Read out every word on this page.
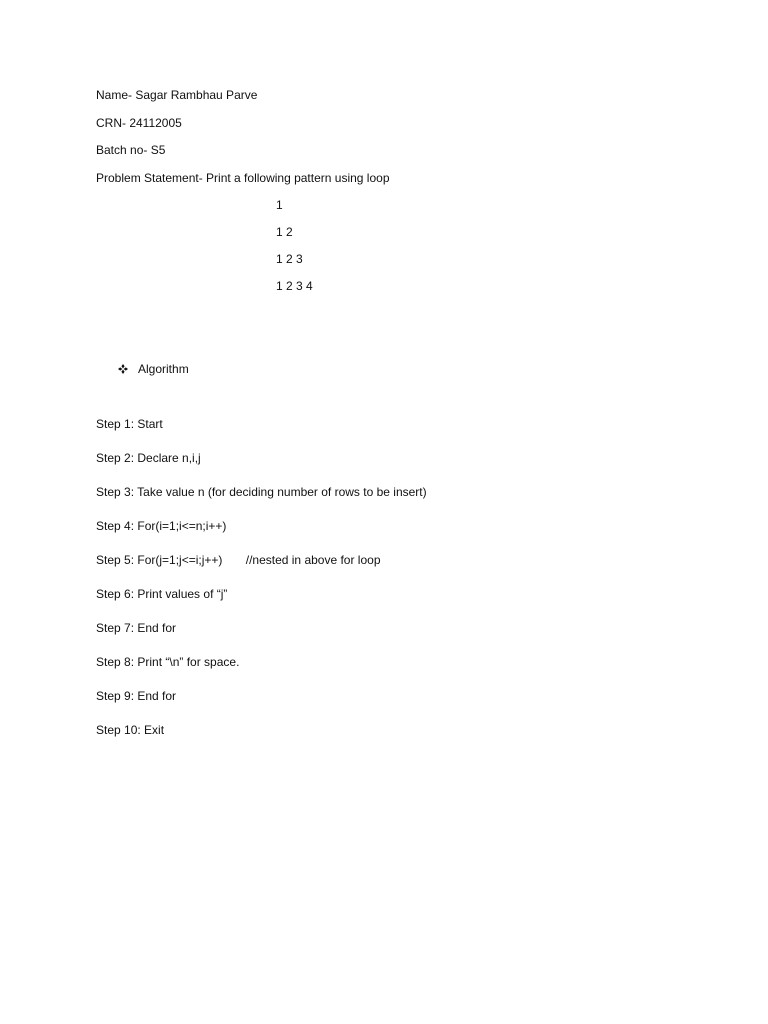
Name- Sagar Rambhau Parve
CRN- 24112005
Batch no- S5
Problem Statement- Print a following pattern using loop
1
1 2
1 2 3
1 2 3 4
Algorithm
Step 1: Start
Step 2: Declare n,i,j
Step 3: Take value n (for deciding number of rows to be insert)
Step 4: For(i=1;i<=n;i++)
Step 5: For(j=1;j<=i;j++)       //nested in above for loop
Step 6: Print values of “j”
Step 7: End for
Step 8: Print “\n” for space.
Step 9: End for
Step 10: Exit
